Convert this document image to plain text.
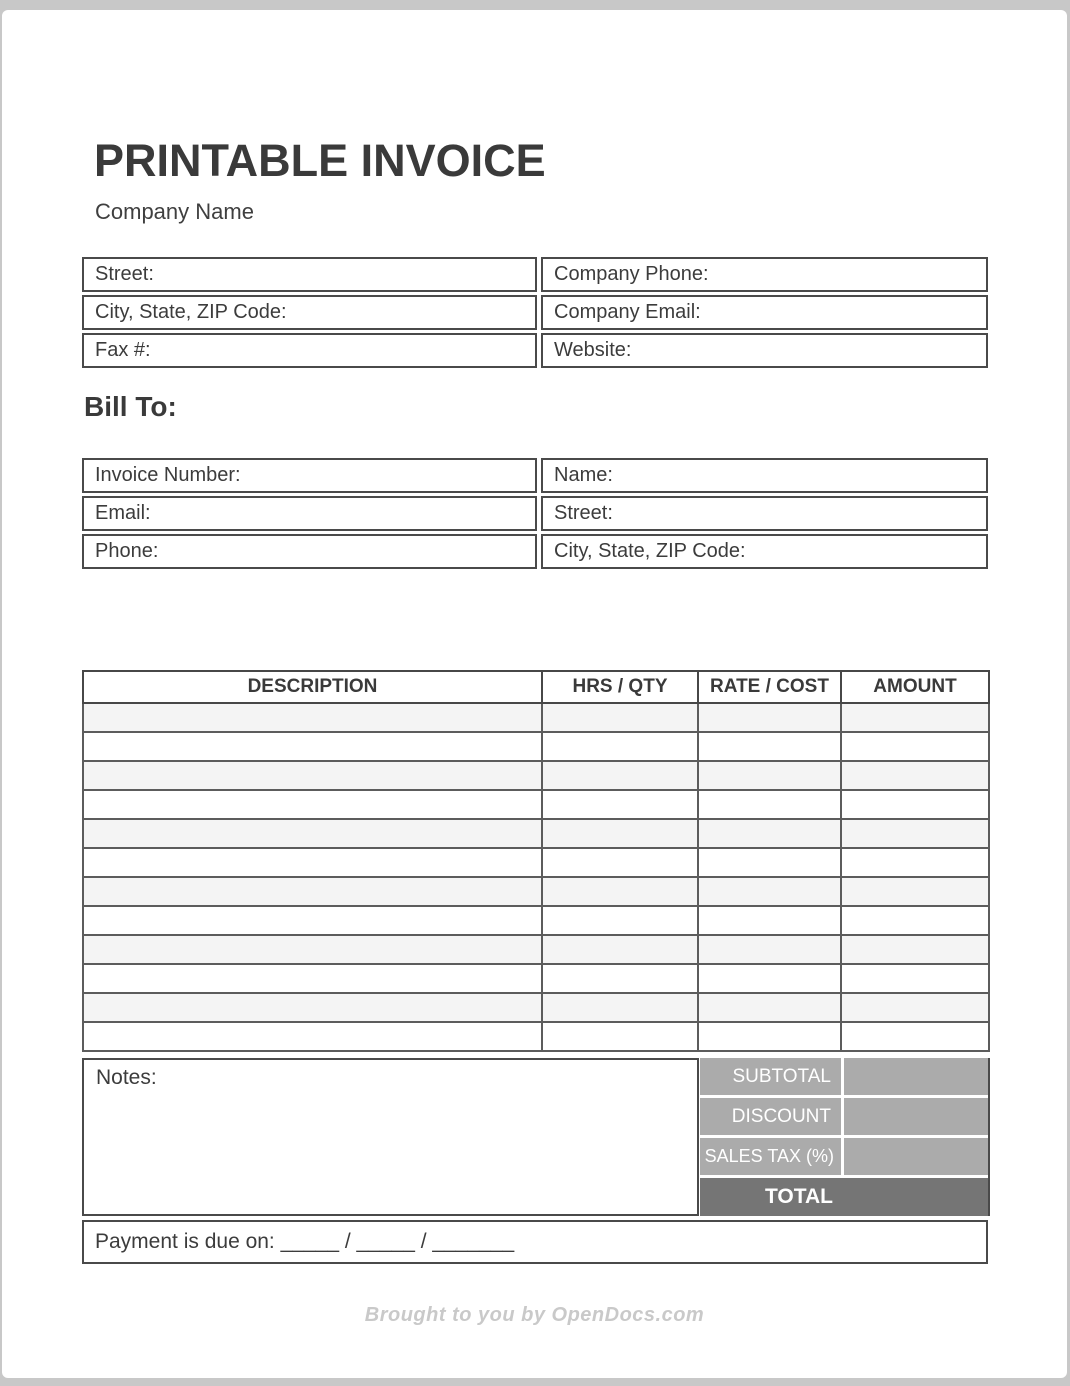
PRINTABLE INVOICE
Company Name
Street:	Company Phone:
City, State, ZIP Code:	Company Email:
Fax #:	Website:
Bill To:
Invoice Number:	Name:
Email:	Street:
Phone:	City, State, ZIP Code:
DESCRIPTION	HRS / QTY	RATE / COST	AMOUNT

Notes:	SUBTOTAL
DISCOUNT
SALES TAX (%)
TOTAL
Payment is due on: _____ / _____ / _______
Brought to you by OpenDocs.com
